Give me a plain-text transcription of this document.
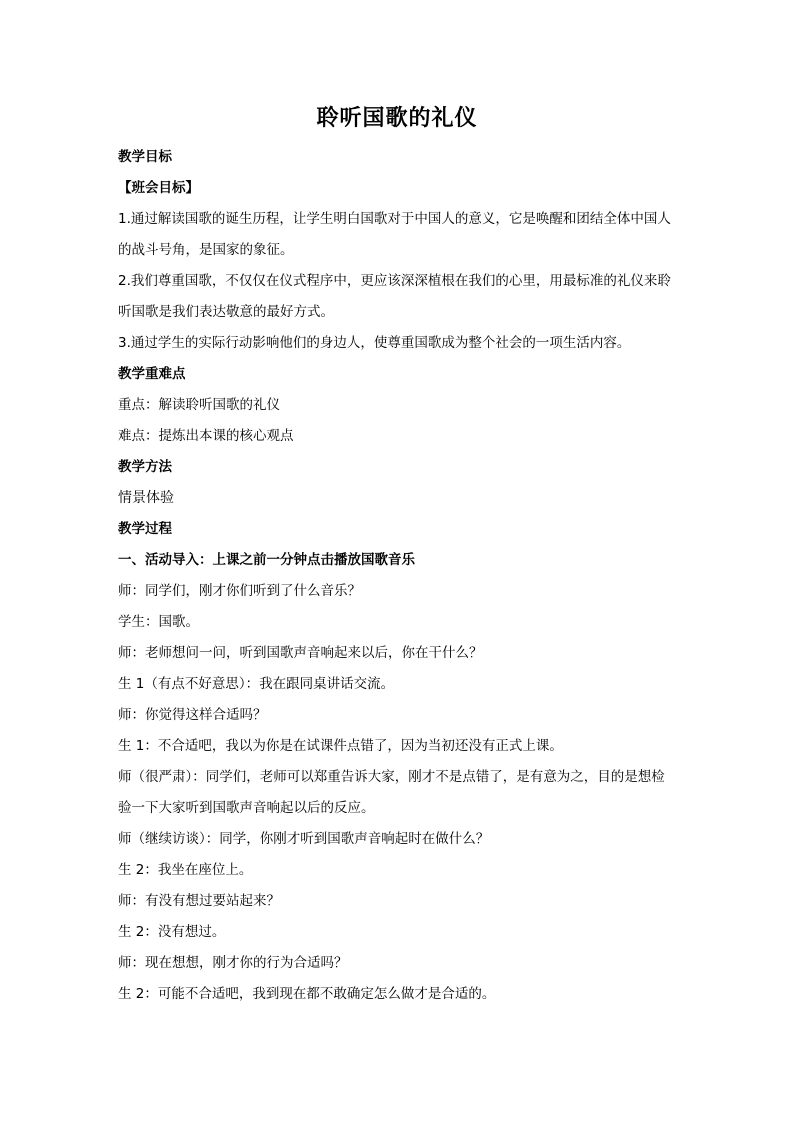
聆听国歌的礼仪

教学目标

【班会目标】

1.通过解读国歌的诞生历程，让学生明白国歌对于中国人的意义，它是唤醒和团结全体中国人的战斗号角，是国家的象征。

2.我们尊重国歌，不仅仅在仪式程序中，更应该深深植根在我们的心里，用最标准的礼仪来聆听国歌是我们表达敬意的最好方式。

3.通过学生的实际行动影响他们的身边人，使尊重国歌成为整个社会的一项生活内容。

教学重难点

重点：解读聆听国歌的礼仪

难点：提炼出本课的核心观点

教学方法

情景体验

教学过程

一、活动导入：上课之前一分钟点击播放国歌音乐

师：同学们，刚才你们听到了什么音乐？

学生：国歌。

师：老师想问一问，听到国歌声音响起来以后，你在干什么？

生 1（有点不好意思）：我在跟同桌讲话交流。

师：你觉得这样合适吗？

生 1：不合适吧，我以为你是在试课件点错了，因为当初还没有正式上课。

师（很严肃）：同学们，老师可以郑重告诉大家，刚才不是点错了，是有意为之，目的是想检验一下大家听到国歌声音响起以后的反应。

师（继续访谈）：同学，你刚才听到国歌声音响起时在做什么？

生 2：我坐在座位上。

师：有没有想过要站起来？

生 2：没有想过。

师：现在想想，刚才你的行为合适吗？

生 2：可能不合适吧，我到现在都不敢确定怎么做才是合适的。
